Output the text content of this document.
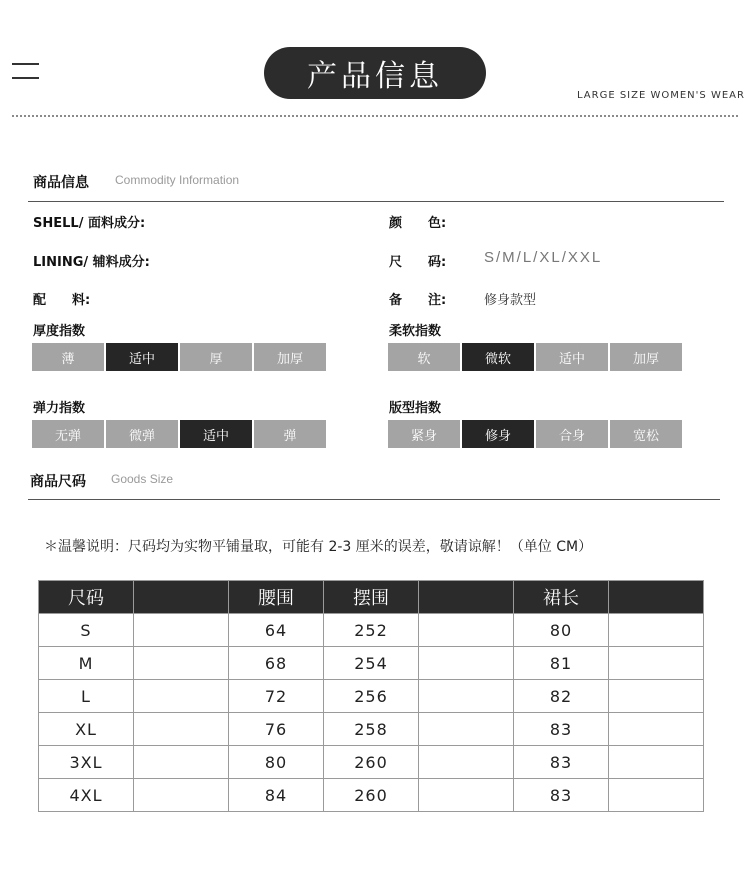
产品信息
LARGE SIZE WOMEN'S WEAR
商品信息 Commodity Information
SHELL/ 面料成分:	颜　　色:
LINING/ 辅料成分:	尺　　码:	S/M/L/XL/XXL
配　　料:	备　　注:	修身款型
厚度指数
薄	适中	厚	加厚
柔软指数
软	微软	适中	加厚
弹力指数
无弹	微弹	适中	弹
版型指数
紧身	修身	合身	宽松
商品尺码 Goods Size
＊温馨说明：尺码均为实物平铺量取，可能有 2-3 厘米的误差，敬请谅解！（单位 CM）
尺码		腰围	摆围		裙长	
S		64	252		80	
M		68	254		81	
L		72	256		82	
XL		76	258		83	
3XL		80	260		83	
4XL		84	260		83	
